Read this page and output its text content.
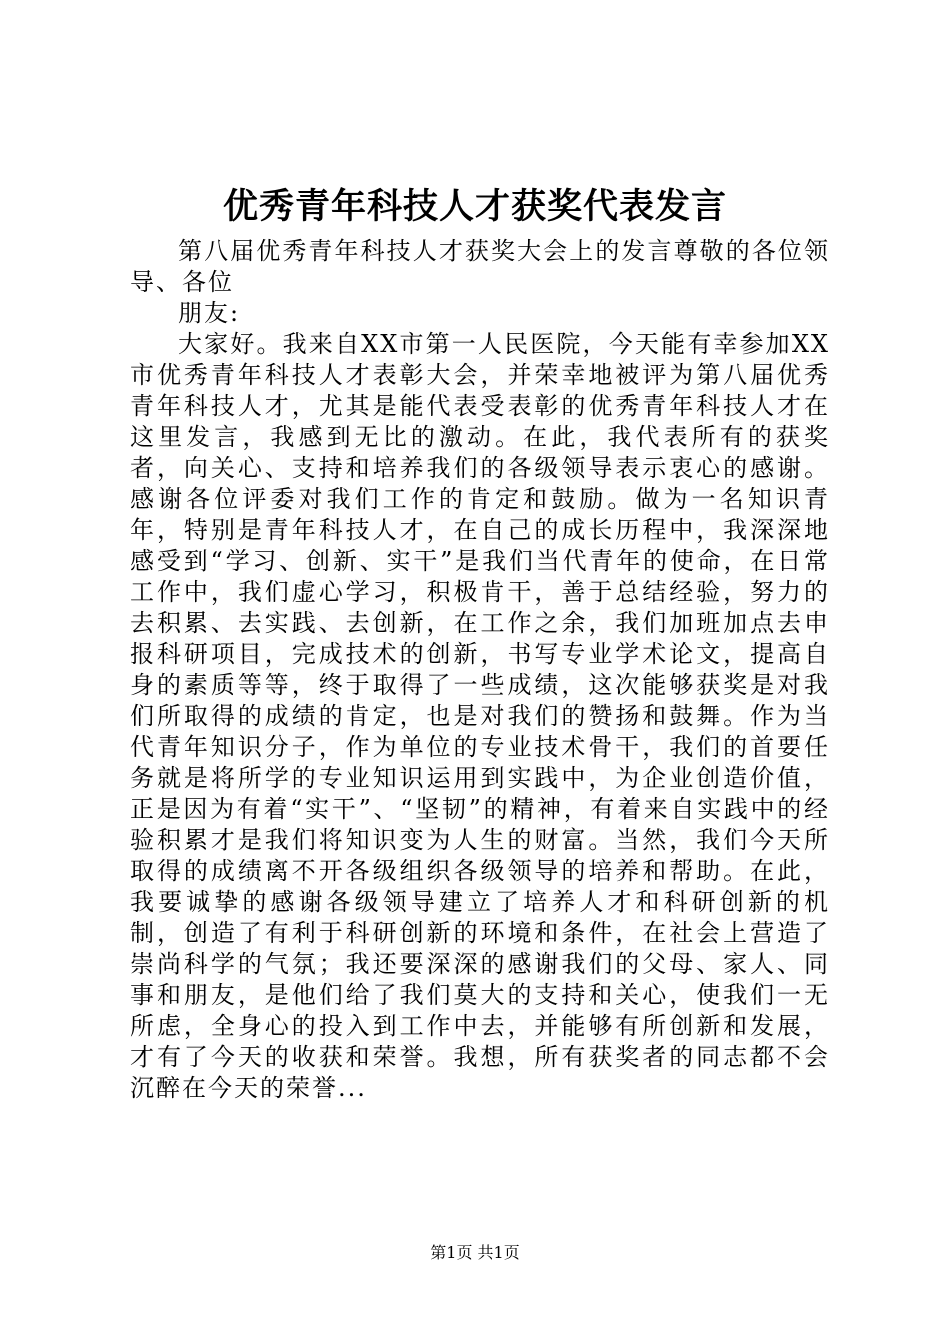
优秀青年科技人才获奖代表发言

第八届优秀青年科技人才获奖大会上的发言尊敬的各位领导、各位

朋友:

大家好。我来自XX市第一人民医院，今天能有幸参加XX市优秀青年科技人才表彰大会，并荣幸地被评为第八届优秀青年科技人才，尤其是能代表受表彰的优秀青年科技人才在这里发言，我感到无比的激动。在此，我代表所有的获奖者，向关心、支持和培养我们的各级领导表示衷心的感谢。感谢各位评委对我们工作的肯定和鼓励。做为一名知识青年，特别是青年科技人才，在自己的成长历程中，我深深地感受到“学习、创新、实干”是我们当代青年的使命，在日常工作中，我们虚心学习，积极肯干，善于总结经验，努力的去积累、去实践、去创新，在工作之余，我们加班加点去申报科研项目，完成技术的创新，书写专业学术论文，提高自身的素质等等，终于取得了一些成绩，这次能够获奖是对我们所取得的成绩的肯定，也是对我们的赞扬和鼓舞。作为当代青年知识分子，作为单位的专业技术骨干，我们的首要任务就是将所学的专业知识运用到实践中，为企业创造价值，正是因为有着“实干”、“坚韧”的精神，有着来自实践中的经验积累才是我们将知识变为人生的财富。当然，我们今天所取得的成绩离不开各级组织各级领导的培养和帮助。在此，我要诚挚的感谢各级领导建立了培养人才和科研创新的机制，创造了有利于科研创新的环境和条件，在社会上营造了崇尚科学的气氛；我还要深深的感谢我们的父母、家人、同事和朋友，是他们给了我们莫大的支持和关心，使我们一无所虑，全身心的投入到工作中去，并能够有所创新和发展，才有了今天的收获和荣誉。我想，所有获奖者的同志都不会沉醉在今天的荣誉...

第1页 共1页
